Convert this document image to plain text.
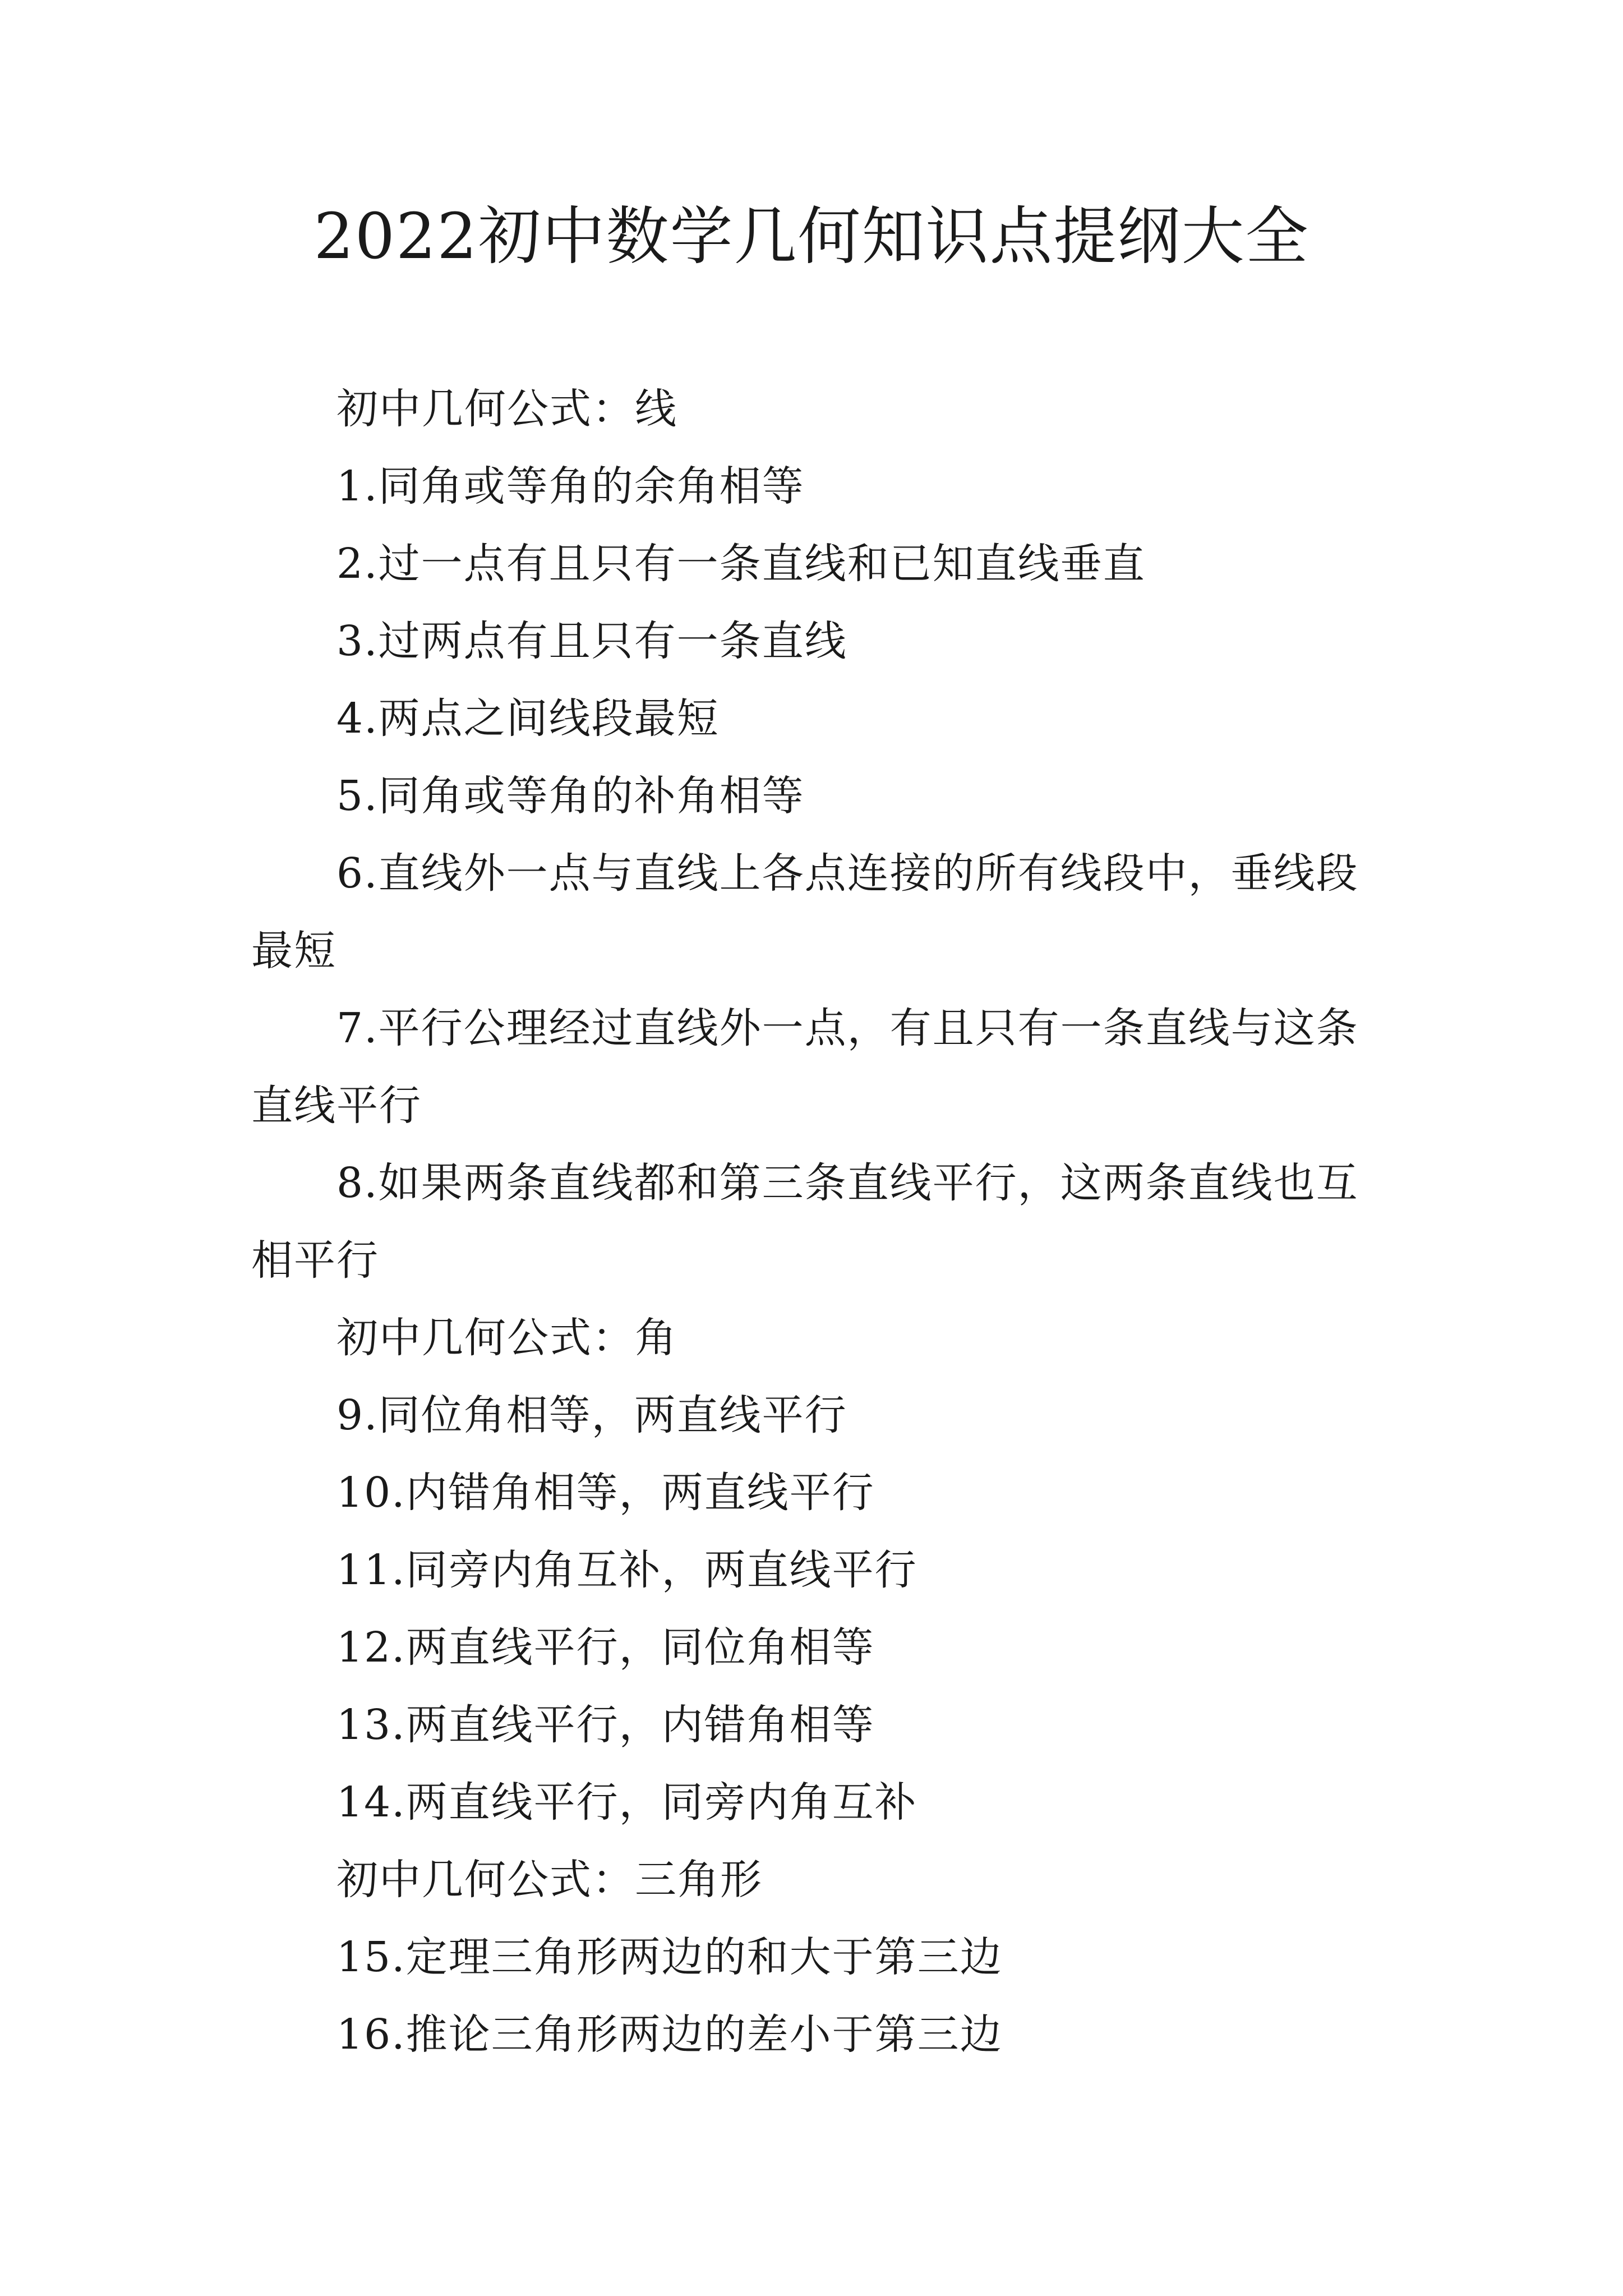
2022初中数学几何知识点提纲大全

初中几何公式：线

1.同角或等角的余角相等

2.过一点有且只有一条直线和已知直线垂直

3.过两点有且只有一条直线

4.两点之间线段最短

5.同角或等角的补角相等

6.直线外一点与直线上各点连接的所有线段中，垂线段最短

7.平行公理经过直线外一点，有且只有一条直线与这条直线平行

8.如果两条直线都和第三条直线平行，这两条直线也互相平行

初中几何公式：角

9.同位角相等，两直线平行

10.内错角相等，两直线平行

11.同旁内角互补，两直线平行

12.两直线平行，同位角相等

13.两直线平行，内错角相等

14.两直线平行，同旁内角互补

初中几何公式：三角形

15.定理三角形两边的和大于第三边

16.推论三角形两边的差小于第三边
